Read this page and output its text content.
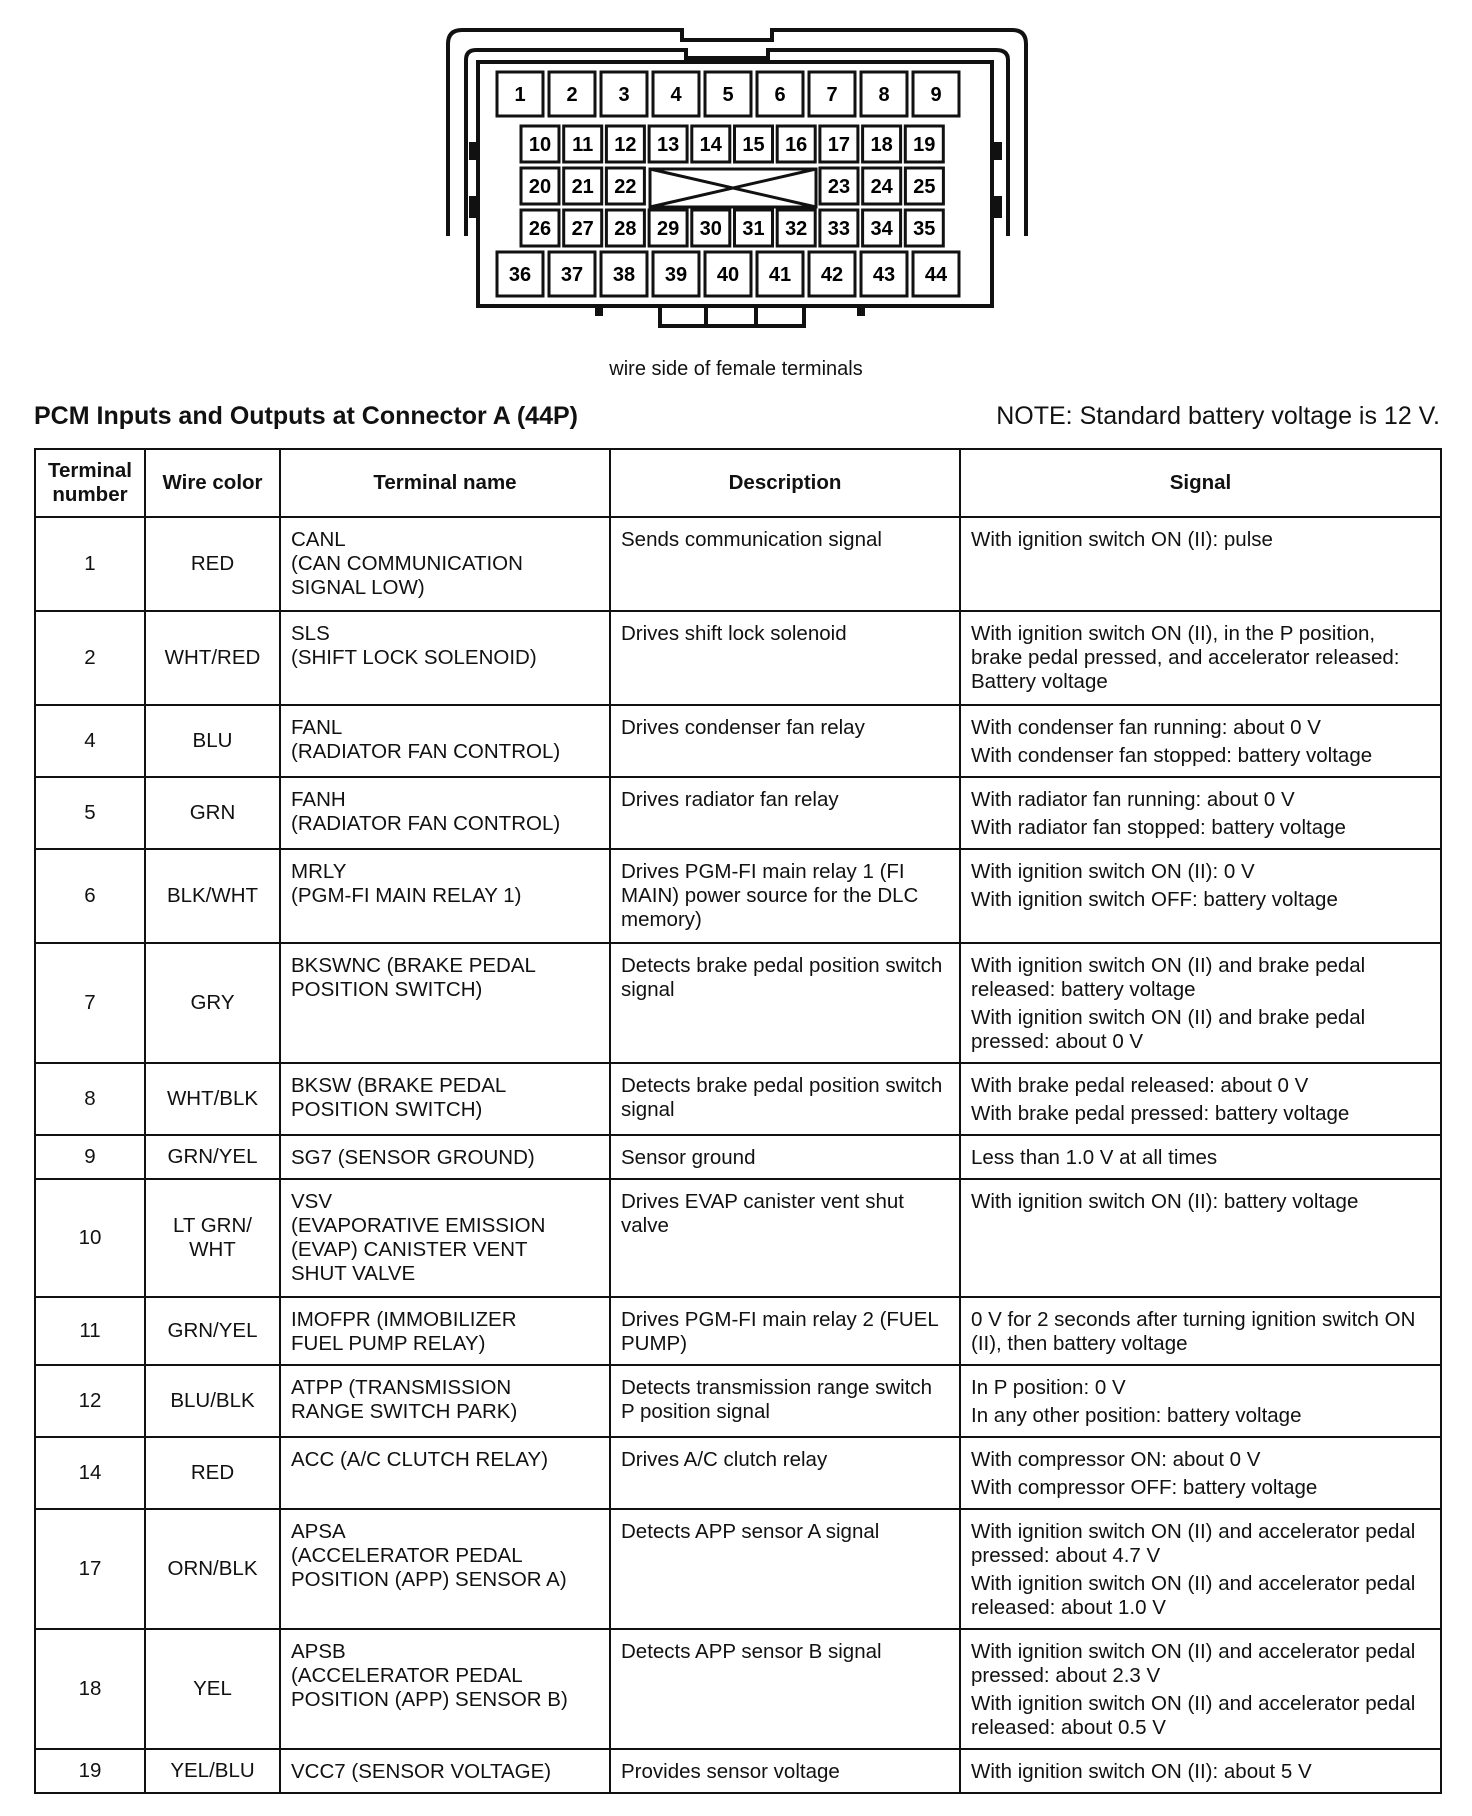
1 2 3 4 5 6 7 8 9
10 11 12 13 14 15 16 17 18 19
20 21 22	23 24 25
26 27 28 29 30 31 32 33 34 35
36 37 38 39 40 41 42 43 44
wire side of female terminals
PCM Inputs and Outputs at Connector A (44P)	NOTE: Standard battery voltage is 12 V.
Terminal
number	Wire color	Terminal name	Description	Signal
1	RED	CANL
(CAN COMMUNICATION
SIGNAL LOW)	Sends communication signal	With ignition switch ON (II): pulse

2	WHT/RED	SLS
(SHIFT LOCK SOLENOID)	Drives shift lock solenoid	With ignition switch ON (II), in the P position, brake pedal pressed, and accelerator released: Battery voltage

4	BLU	FANL
(RADIATOR FAN CONTROL)	Drives condenser fan relay	With condenser fan running: about 0 V
With condenser fan stopped: battery voltage

5	GRN	FANH
(RADIATOR FAN CONTROL)	Drives radiator fan relay	With radiator fan running: about 0 V
With radiator fan stopped: battery voltage

6	BLK/WHT	MRLY
(PGM-FI MAIN RELAY 1)	Drives PGM-FI main relay 1 (FI MAIN) power source for the DLC memory)	With ignition switch ON (II): 0 V
With ignition switch OFF: battery voltage

7	GRY	BKSWNC (BRAKE PEDAL
POSITION SWITCH)	Detects brake pedal position switch signal	With ignition switch ON (II) and brake pedal released: battery voltage
With ignition switch ON (II) and brake pedal pressed: about 0 V

8	WHT/BLK	BKSW (BRAKE PEDAL
POSITION SWITCH)	Detects brake pedal position switch signal	With brake pedal released: about 0 V
With brake pedal pressed: battery voltage

9	GRN/YEL	SG7 (SENSOR GROUND)	Sensor ground	Less than 1.0 V at all times

10	LT GRN/
WHT	VSV
(EVAPORATIVE EMISSION
(EVAP) CANISTER VENT
SHUT VALVE	Drives EVAP canister vent shut valve	With ignition switch ON (II): battery voltage

11	GRN/YEL	IMOFPR (IMMOBILIZER
FUEL PUMP RELAY)	Drives PGM-FI main relay 2 (FUEL PUMP)	0 V for 2 seconds after turning ignition switch ON (II), then battery voltage

12	BLU/BLK	ATPP (TRANSMISSION
RANGE SWITCH PARK)	Detects transmission range switch P position signal	In P position: 0 V
In any other position: battery voltage

14	RED	ACC (A/C CLUTCH RELAY)	Drives A/C clutch relay	With compressor ON: about 0 V
With compressor OFF: battery voltage

17	ORN/BLK	APSA
(ACCELERATOR PEDAL
POSITION (APP) SENSOR A)	Detects APP sensor A signal	With ignition switch ON (II) and accelerator pedal pressed: about 4.7 V
With ignition switch ON (II) and accelerator pedal released: about 1.0 V

18	YEL	APSB
(ACCELERATOR PEDAL
POSITION (APP) SENSOR B)	Detects APP sensor B signal	With ignition switch ON (II) and accelerator pedal pressed: about 2.3 V
With ignition switch ON (II) and accelerator pedal released: about 0.5 V

19	YEL/BLU	VCC7 (SENSOR VOLTAGE)	Provides sensor voltage	With ignition switch ON (II): about 5 V
